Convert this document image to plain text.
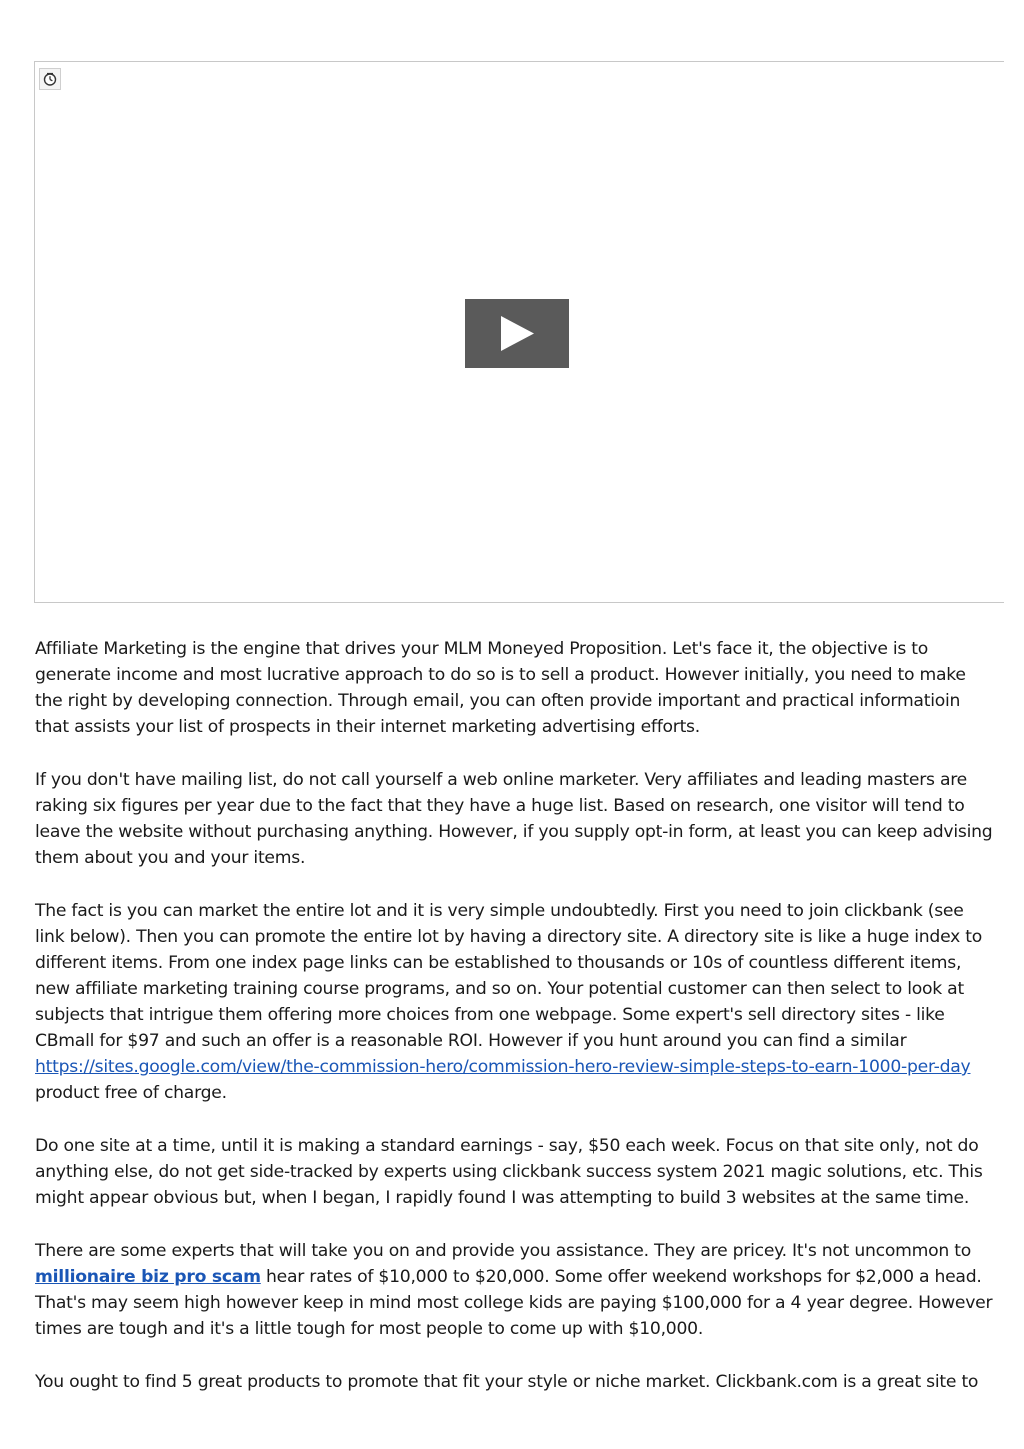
Affiliate Marketing is the engine that drives your MLM Moneyed Proposition. Let's face it, the objective is to generate income and most lucrative approach to do so is to sell a product. However initially, you need to make the right by developing connection. Through email, you can often provide important and practical informatioin that assists your list of prospects in their internet marketing advertising efforts.

If you don't have mailing list, do not call yourself a web online marketer. Very affiliates and leading masters are raking six figures per year due to the fact that they have a huge list. Based on research, one visitor will tend to leave the website without purchasing anything. However, if you supply opt-in form, at least you can keep advising them about you and your items.

The fact is you can market the entire lot and it is very simple undoubtedly. First you need to join clickbank (see link below). Then you can promote the entire lot by having a directory site. A directory site is like a huge index to different items. From one index page links can be established to thousands or 10s of countless different items, new affiliate marketing training course programs, and so on. Your potential customer can then select to look at subjects that intrigue them offering more choices from one webpage. Some expert's sell directory sites - like CBmall for $97 and such an offer is a reasonable ROI. However if you hunt around you can find a similar https://sites.google.com/view/the-commission-hero/commission-hero-review-simple-steps-to-earn-1000-per-day product free of charge.

Do one site at a time, until it is making a standard earnings - say, $50 each week. Focus on that site only, not do anything else, do not get side-tracked by experts using clickbank success system 2021 magic solutions, etc. This might appear obvious but, when I began, I rapidly found I was attempting to build 3 websites at the same time.

There are some experts that will take you on and provide you assistance. They are pricey. It's not uncommon to millionaire biz pro scam hear rates of $10,000 to $20,000. Some offer weekend workshops for $2,000 a head. That's may seem high however keep in mind most college kids are paying $100,000 for a 4 year degree. However times are tough and it's a little tough for most people to come up with $10,000.

You ought to find 5 great products to promote that fit your style or niche market. Clickbank.com is a great site to
